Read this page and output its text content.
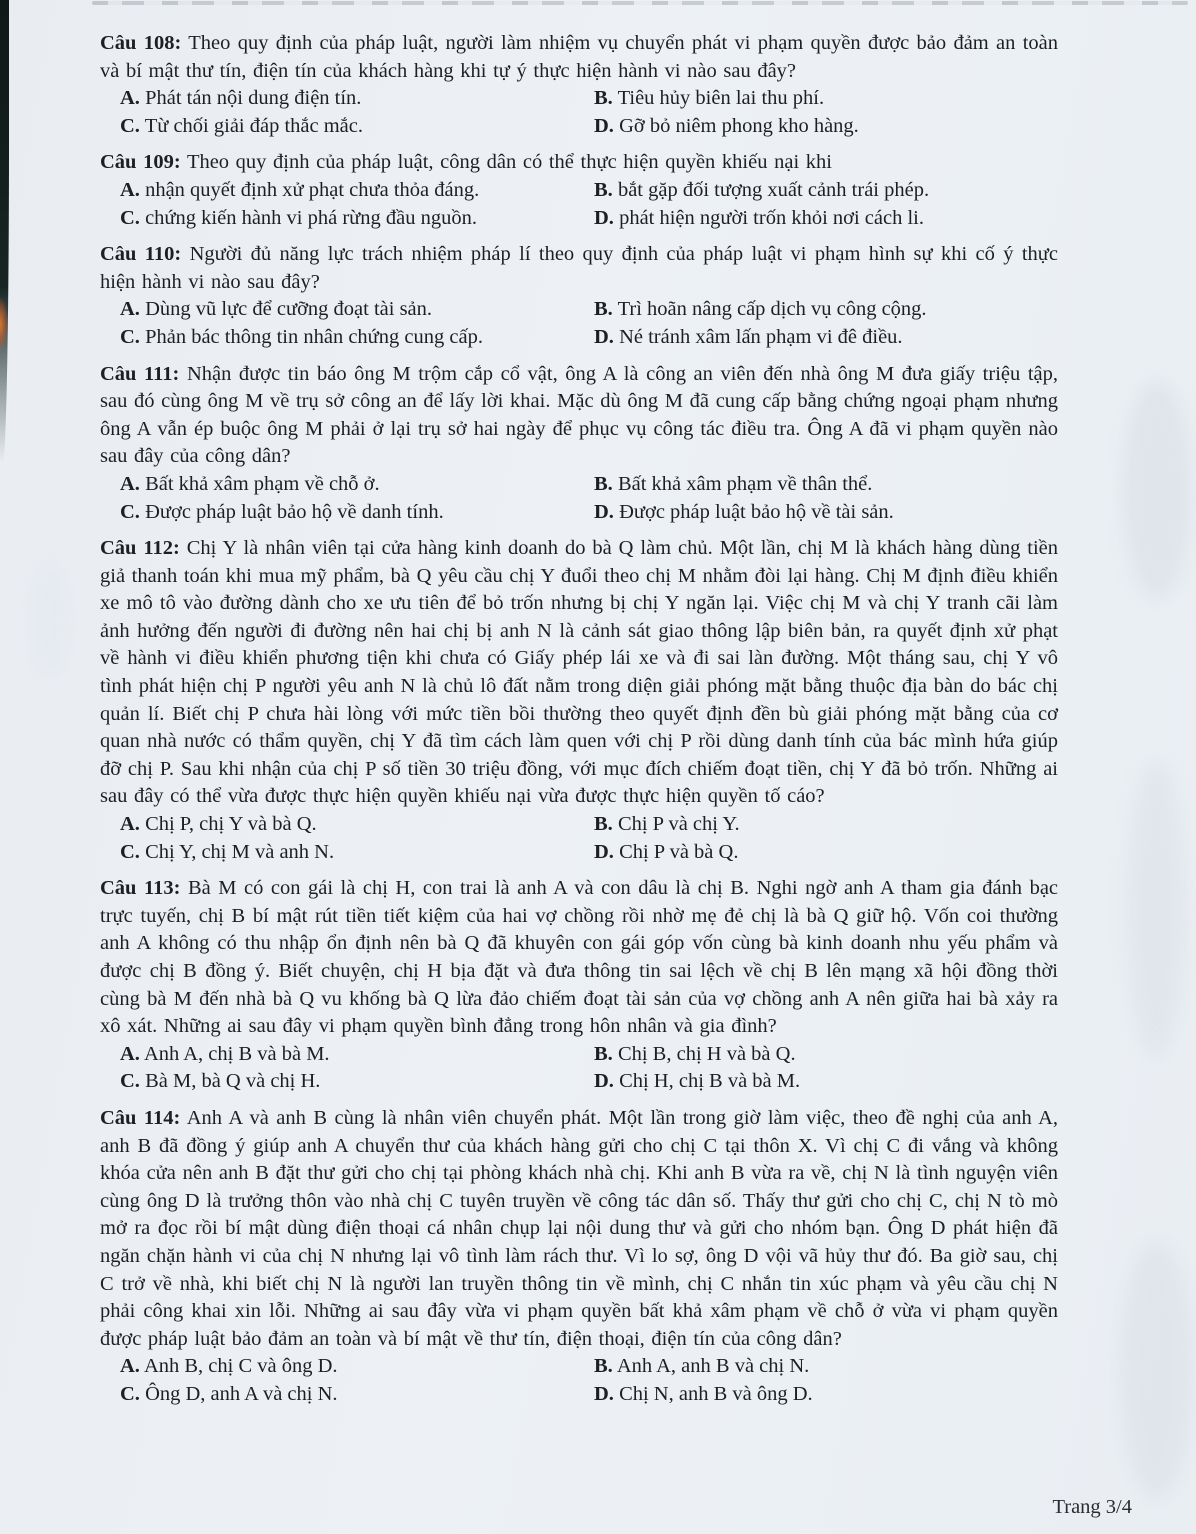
Câu 108: Theo quy định của pháp luật, người làm nhiệm vụ chuyển phát vi phạm quyền được bảo đảm an toàn và bí mật thư tín, điện tín của khách hàng khi tự ý thực hiện hành vi nào sau đây?

A. Phát tán nội dung điện tín.	B. Tiêu hủy biên lai thu phí.
C. Từ chối giải đáp thắc mắc.	D. Gỡ bỏ niêm phong kho hàng.

Câu 109: Theo quy định của pháp luật, công dân có thể thực hiện quyền khiếu nại khi

A. nhận quyết định xử phạt chưa thỏa đáng.	B. bắt gặp đối tượng xuất cảnh trái phép.
C. chứng kiến hành vi phá rừng đầu nguồn.	D. phát hiện người trốn khỏi nơi cách li.

Câu 110: Người đủ năng lực trách nhiệm pháp lí theo quy định của pháp luật vi phạm hình sự khi cố ý thực hiện hành vi nào sau đây?

A. Dùng vũ lực để cưỡng đoạt tài sản.	B. Trì hoãn nâng cấp dịch vụ công cộng.
C. Phản bác thông tin nhân chứng cung cấp.	D. Né tránh xâm lấn phạm vi đê điều.

Câu 111: Nhận được tin báo ông M trộm cắp cổ vật, ông A là công an viên đến nhà ông M đưa giấy triệu tập, sau đó cùng ông M về trụ sở công an để lấy lời khai. Mặc dù ông M đã cung cấp bằng chứng ngoại phạm nhưng ông A vẫn ép buộc ông M phải ở lại trụ sở hai ngày để phục vụ công tác điều tra. Ông A đã vi phạm quyền nào sau đây của công dân?

A. Bất khả xâm phạm về chỗ ở.	B. Bất khả xâm phạm về thân thể.
C. Được pháp luật bảo hộ về danh tính.	D. Được pháp luật bảo hộ về tài sản.

Câu 112: Chị Y là nhân viên tại cửa hàng kinh doanh do bà Q làm chủ. Một lần, chị M là khách hàng dùng tiền giả thanh toán khi mua mỹ phẩm, bà Q yêu cầu chị Y đuổi theo chị M nhằm đòi lại hàng. Chị M định điều khiển xe mô tô vào đường dành cho xe ưu tiên để bỏ trốn nhưng bị chị Y ngăn lại. Việc chị M và chị Y tranh cãi làm ảnh hưởng đến người đi đường nên hai chị bị anh N là cảnh sát giao thông lập biên bản, ra quyết định xử phạt về hành vi điều khiển phương tiện khi chưa có Giấy phép lái xe và đi sai làn đường. Một tháng sau, chị Y vô tình phát hiện chị P người yêu anh N là chủ lô đất nằm trong diện giải phóng mặt bằng thuộc địa bàn do bác chị quản lí. Biết chị P chưa hài lòng với mức tiền bồi thường theo quyết định đền bù giải phóng mặt bằng của cơ quan nhà nước có thẩm quyền, chị Y đã tìm cách làm quen với chị P rồi dùng danh tính của bác mình hứa giúp đỡ chị P. Sau khi nhận của chị P số tiền 30 triệu đồng, với mục đích chiếm đoạt tiền, chị Y đã bỏ trốn. Những ai sau đây có thể vừa được thực hiện quyền khiếu nại vừa được thực hiện quyền tố cáo?

A. Chị P, chị Y và bà Q.	B. Chị P và chị Y.
C. Chị Y, chị M và anh N.	D. Chị P và bà Q.

Câu 113: Bà M có con gái là chị H, con trai là anh A và con dâu là chị B. Nghi ngờ anh A tham gia đánh bạc trực tuyến, chị B bí mật rút tiền tiết kiệm của hai vợ chồng rồi nhờ mẹ đẻ chị là bà Q giữ hộ. Vốn coi thường anh A không có thu nhập ổn định nên bà Q đã khuyên con gái góp vốn cùng bà kinh doanh nhu yếu phẩm và được chị B đồng ý. Biết chuyện, chị H bịa đặt và đưa thông tin sai lệch về chị B lên mạng xã hội đồng thời cùng bà M đến nhà bà Q vu khống bà Q lừa đảo chiếm đoạt tài sản của vợ chồng anh A nên giữa hai bà xảy ra xô xát. Những ai sau đây vi phạm quyền bình đẳng trong hôn nhân và gia đình?

A. Anh A, chị B và bà M.	B. Chị B, chị H và bà Q.
C. Bà M, bà Q và chị H.	D. Chị H, chị B và bà M.

Câu 114: Anh A và anh B cùng là nhân viên chuyển phát. Một lần trong giờ làm việc, theo đề nghị của anh A, anh B đã đồng ý giúp anh A chuyển thư của khách hàng gửi cho chị C tại thôn X. Vì chị C đi vắng và không khóa cửa nên anh B đặt thư gửi cho chị tại phòng khách nhà chị. Khi anh B vừa ra về, chị N là tình nguyện viên cùng ông D là trưởng thôn vào nhà chị C tuyên truyền về công tác dân số. Thấy thư gửi cho chị C, chị N tò mò mở ra đọc rồi bí mật dùng điện thoại cá nhân chụp lại nội dung thư và gửi cho nhóm bạn. Ông D phát hiện đã ngăn chặn hành vi của chị N nhưng lại vô tình làm rách thư. Vì lo sợ, ông D vội vã hủy thư đó. Ba giờ sau, chị C trở về nhà, khi biết chị N là người lan truyền thông tin về mình, chị C nhắn tin xúc phạm và yêu cầu chị N phải công khai xin lỗi. Những ai sau đây vừa vi phạm quyền bất khả xâm phạm về chỗ ở vừa vi phạm quyền được pháp luật bảo đảm an toàn và bí mật về thư tín, điện thoại, điện tín của công dân?

A. Anh B, chị C và ông D.	B. Anh A, anh B và chị N.
C. Ông D, anh A và chị N.	D. Chị N, anh B và ông D.
Trang 3/4
